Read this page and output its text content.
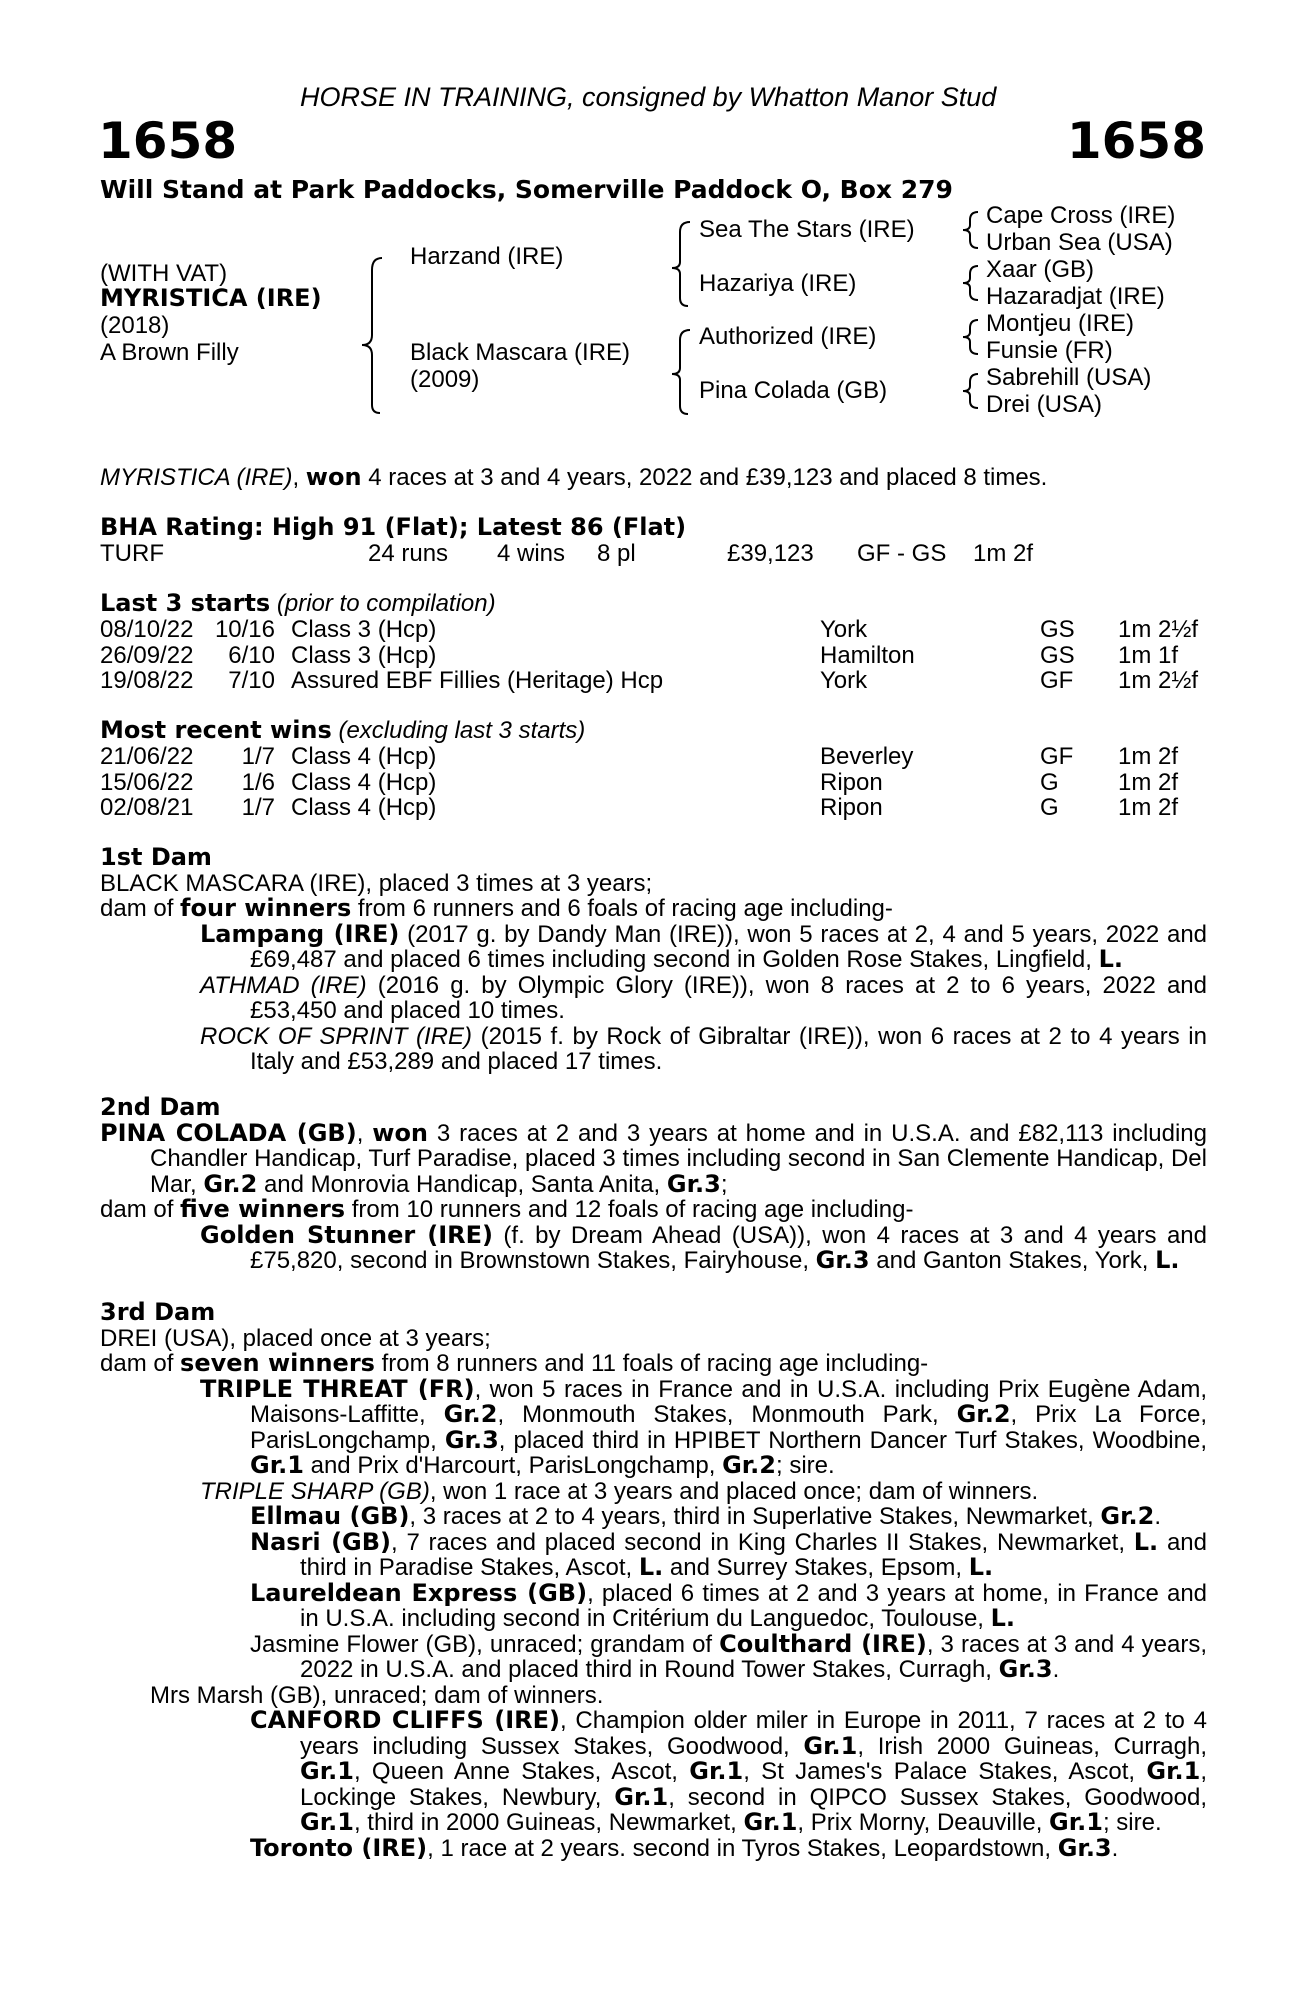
HORSE IN TRAINING, consigned by Whatton Manor Stud
1658	1658
Will Stand at Park Paddocks, Somerville Paddock O, Box 279
(WITH VAT)
MYRISTICA (IRE)
(2018)
A Brown Filly
Harzand (IRE)
Black Mascara (IRE)
(2009)
Sea The Stars (IRE)
Hazariya (IRE)
Authorized (IRE)
Pina Colada (GB)
Cape Cross (IRE)
Urban Sea (USA)
Xaar (GB)
Hazaradjat (IRE)
Montjeu (IRE)
Funsie (FR)
Sabrehill (USA)
Drei (USA)
MYRISTICA (IRE), won 4 races at 3 and 4 years, 2022 and £39,123 and placed 8 times.
BHA Rating: High 91 (Flat); Latest 86 (Flat)
TURF	24 runs 4 wins 8 pl	£39,123 GF - GS 1m 2f
Last 3 starts (prior to compilation)
08/10/22 10/16 Class 3 (Hcp)	York	GS 1m 2½f
26/09/22	6/10 Class 3 (Hcp)	Hamilton	GS 1m 1f
19/08/22	7/10 Assured EBF Fillies (Heritage) Hcp	York	GF 1m 2½f
Most recent wins (excluding last 3 starts)
21/06/22	1/7 Class 4 (Hcp)	Beverley	GF 1m 2f
15/06/22	1/6 Class 4 (Hcp)	Ripon	G 1m 2f
02/08/21	1/7 Class 4 (Hcp)	Ripon	G 1m 2f

1st Dam

BLACK MASCARA (IRE), placed 3 times at 3 years;

dam of four winners from 6 runners and 6 foals of racing age including-

Lampang (IRE) (2017 g. by Dandy Man (IRE)), won 5 races at 2, 4 and 5 years, 2022 and £69,487 and placed 6 times including second in Golden Rose Stakes, Lingfield, L.

ATHMAD (IRE) (2016 g. by Olympic Glory (IRE)), won 8 races at 2 to 6 years, 2022 and £53,450 and placed 10 times.

ROCK OF SPRINT (IRE) (2015 f. by Rock of Gibraltar (IRE)), won 6 races at 2 to 4 years in Italy and £53,289 and placed 17 times.

2nd Dam

PINA COLADA (GB), won 3 races at 2 and 3 years at home and in U.S.A. and £82,113 including Chandler Handicap, Turf Paradise, placed 3 times including second in San Clemente Handicap, Del Mar, Gr.2 and Monrovia Handicap, Santa Anita, Gr.3;

dam of five winners from 10 runners and 12 foals of racing age including-

Golden Stunner (IRE) (f. by Dream Ahead (USA)), won 4 races at 3 and 4 years and £75,820, second in Brownstown Stakes, Fairyhouse, Gr.3 and Ganton Stakes, York, L.

3rd Dam

DREI (USA), placed once at 3 years;

dam of seven winners from 8 runners and 11 foals of racing age including-

TRIPLE THREAT (FR), won 5 races in France and in U.S.A. including Prix Eugène Adam, Maisons-Laffitte, Gr.2, Monmouth Stakes, Monmouth Park, Gr.2, Prix La Force, ParisLongchamp, Gr.3, placed third in HPIBET Northern Dancer Turf Stakes, Woodbine, Gr.1 and Prix d'Harcourt, ParisLongchamp, Gr.2; sire.

TRIPLE SHARP (GB), won 1 race at 3 years and placed once; dam of winners.

Ellmau (GB), 3 races at 2 to 4 years, third in Superlative Stakes, Newmarket, Gr.2.

Nasri (GB), 7 races and placed second in King Charles II Stakes, Newmarket, L. and third in Paradise Stakes, Ascot, L. and Surrey Stakes, Epsom, L.

Laureldean Express (GB), placed 6 times at 2 and 3 years at home, in France and in U.S.A. including second in Critérium du Languedoc, Toulouse, L.

Jasmine Flower (GB), unraced; grandam of Coulthard (IRE), 3 races at 3 and 4 years, 2022 in U.S.A. and placed third in Round Tower Stakes, Curragh, Gr.3.

Mrs Marsh (GB), unraced; dam of winners.

CANFORD CLIFFS (IRE), Champion older miler in Europe in 2011, 7 races at 2 to 4 years including Sussex Stakes, Goodwood, Gr.1, Irish 2000 Guineas, Curragh, Gr.1, Queen Anne Stakes, Ascot, Gr.1, St James's Palace Stakes, Ascot, Gr.1, Lockinge Stakes, Newbury, Gr.1, second in QIPCO Sussex Stakes, Goodwood, Gr.1, third in 2000 Guineas, Newmarket, Gr.1, Prix Morny, Deauville, Gr.1; sire.

Toronto (IRE), 1 race at 2 years. second in Tyros Stakes, Leopardstown, Gr.3.
